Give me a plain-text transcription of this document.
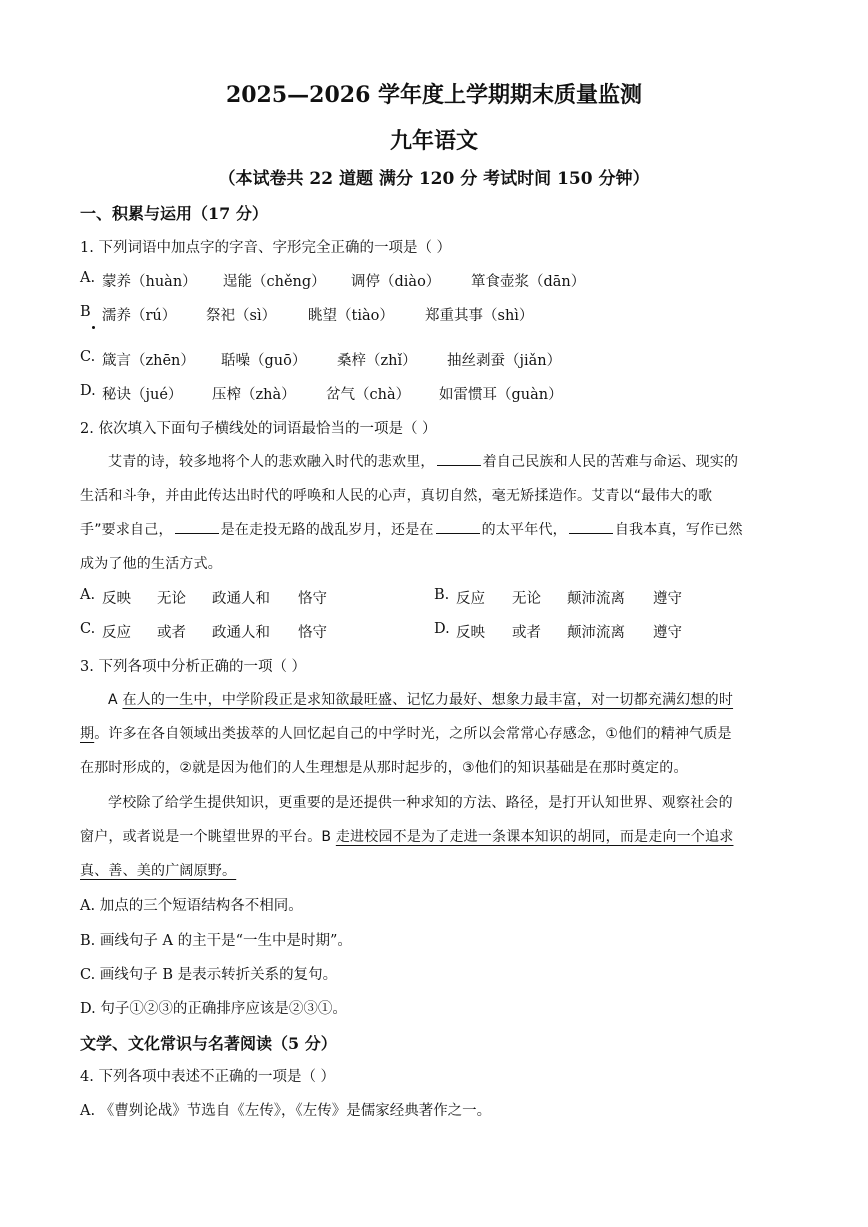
2025—2026 学年度上学期期末质量监测
九年语文
（本试卷共 22 道题 满分 120 分 考试时间 150 分钟）
一、积累与运用（17 分）
1. 下列词语中加点字的字音、字形完全正确的一项是（ ）
A. 蒙养（huàn） 逞能（chěng） 调停（diào） 箪食壶浆（dān）
B 濡养（rú） 祭祀（sì） 眺望（tiào） 郑重其事（shì）
C. 箴言（zhēn） 聒噪（guō） 桑梓（zhǐ） 抽丝剥蚕（jiǎn）
D. 秘诀（jué） 压榨（zhà） 岔气（chà） 如雷惯耳（guàn）
2. 依次填入下面句子横线处的词语最恰当的一项是（ ）
艾青的诗，较多地将个人的悲欢融入时代的悲欢里，	着自己民族和人民的苦难与命运、现实的
生活和斗争，并由此传达出时代的呼唤和人民的心声，真切自然，毫无矫揉造作。艾青以“最伟大的歌
手”要求自己，	是在走投无路的战乱岁月，还是在	的太平年代，	自我本真，写作已然
成为了他的生活方式。
A. 反映 无论 政通人和 恪守	B. 反应 无论 颠沛流离 遵守
C. 反应 或者 政通人和 恪守	D. 反映 或者 颠沛流离 遵守
3. 下列各项中分析正确的一项（ ）
A 在人的一生中，中学阶段正是求知欲最旺盛、记忆力最好、想象力最丰富，对一切都充满幻想的时
期。许多在各自领域出类拔萃的人回忆起自己的中学时光，之所以会常常心存感念，①他们的精神气质是
在那时形成的，②就是因为他们的人生理想是从那时起步的，③他们的知识基础是在那时奠定的。
学校除了给学生提供知识，更重要的是还提供一种求知的方法、路径，是打开认知世界、观察社会的
窗户，或者说是一个眺望世界的平台。B 走进校园不是为了走进一条课本知识的胡同，而是走向一个追求
真、善、美的广阔原野。
A. 加点的三个短语结构各不相同。
B. 画线句子 A 的主干是“一生中是时期”。
C. 画线句子 B 是表示转折关系的复句。
D. 句子①②③的正确排序应该是②③①。
文学、文化常识与名著阅读（5 分）
4. 下列各项中表述不正确的一项是（ ）
A. 《曹刿论战》节选自《左传》，《左传》是儒家经典著作之一。
